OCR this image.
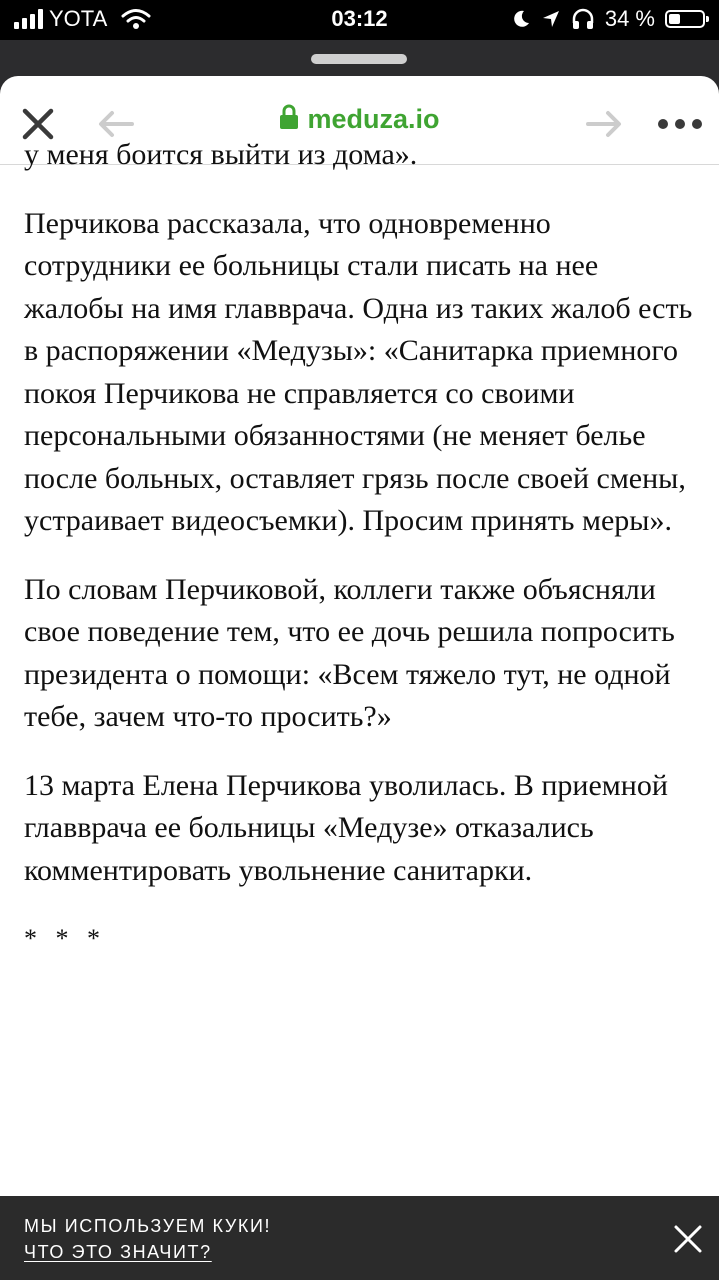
YOTA	03:12	34 %
meduza.io

у меня боится выйти из дома».

Перчикова рассказала, что одновременно сотрудники ее больницы стали писать на нее жалобы на имя главврача. Одна из таких жалоб есть в распоряжении «Медузы»: «Санитарка приемного покоя Перчикова не справляется со своими персональными обязанностями (не меняет белье после больных, оставляет грязь после своей смены, устраивает видеосъемки). Просим принять меры».

По словам Перчиковой, коллеги также объясняли свое поведение тем, что ее дочь решила попросить президента о помощи: «Всем тяжело тут, не одной тебе, зачем что-то просить?»

13 марта Елена Перчикова уволилась. В приемной главврача ее больницы «Медузе» отказались комментировать увольнение санитарки.

* * *
МЫ ИСПОЛЬЗУЕМ КУКИ!
ЧТО ЭТО ЗНАЧИТ?
